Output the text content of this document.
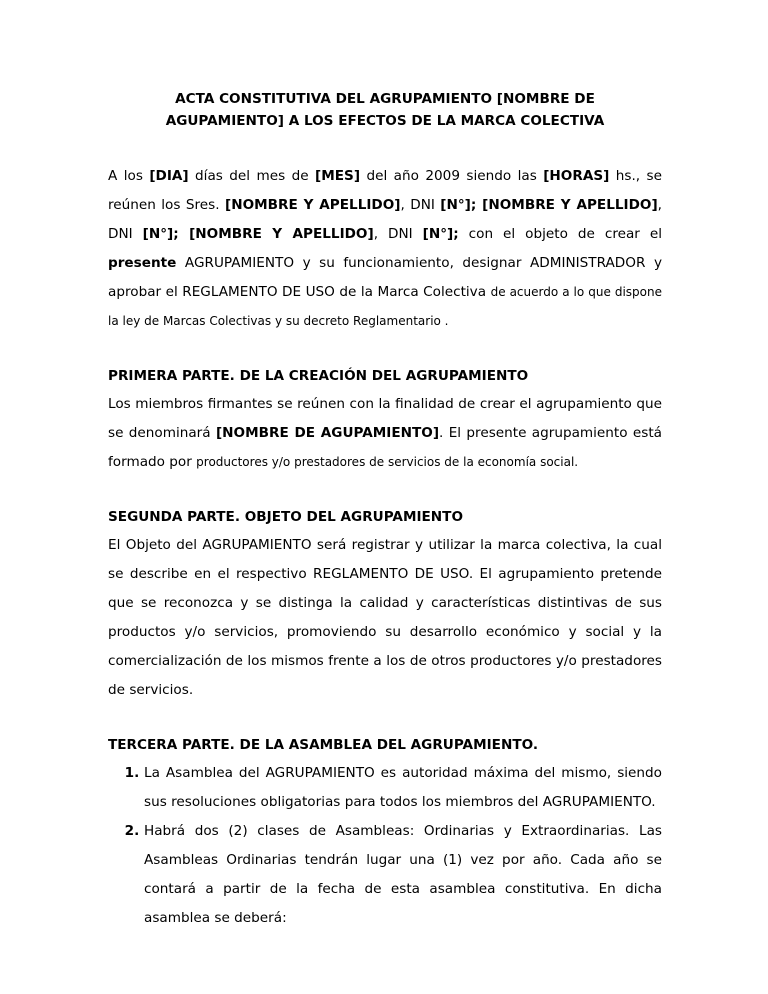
ACTA CONSTITUTIVA DEL AGRUPAMIENTO [NOMBRE DE
AGUPAMIENTO] A LOS EFECTOS DE LA MARCA COLECTIVA

A los [DIA] días del mes de [MES] del año 2009 siendo las [HORAS] hs., se reúnen los Sres. [NOMBRE Y APELLIDO], DNI [N°]; [NOMBRE Y APELLIDO], DNI [N°]; [NOMBRE Y APELLIDO], DNI [N°]; con el objeto de crear el presente AGRUPAMIENTO y su funcionamiento, designar ADMINISTRADOR y aprobar el REGLAMENTO DE USO de la Marca Colectiva de acuerdo a lo que dispone la ley de Marcas Colectivas y su decreto Reglamentario .

PRIMERA PARTE. DE LA CREACIÓN DEL AGRUPAMIENTO

Los miembros firmantes se reúnen con la finalidad de crear el agrupamiento que se denominará [NOMBRE DE AGUPAMIENTO]. El presente agrupamiento está formado por productores y/o prestadores de servicios de la economía social.

SEGUNDA PARTE. OBJETO DEL AGRUPAMIENTO

El Objeto del AGRUPAMIENTO será registrar y utilizar la marca colectiva, la cual se describe en el respectivo REGLAMENTO DE USO. El agrupamiento pretende que se reconozca y se distinga la calidad y características distintivas de sus productos y/o servicios, promoviendo su desarrollo económico y social y la comercialización de los mismos frente a los de otros productores y/o prestadores de servicios.

TERCERA PARTE. DE LA ASAMBLEA DEL AGRUPAMIENTO.
1. La Asamblea del AGRUPAMIENTO es autoridad máxima del mismo, siendo sus resoluciones obligatorias para todos los miembros del AGRUPAMIENTO.
2. Habrá dos (2) clases de Asambleas: Ordinarias y Extraordinarias. Las Asambleas Ordinarias tendrán lugar una (1) vez por año. Cada año se contará a partir de la fecha de esta asamblea constitutiva. En dicha asamblea se deberá:
